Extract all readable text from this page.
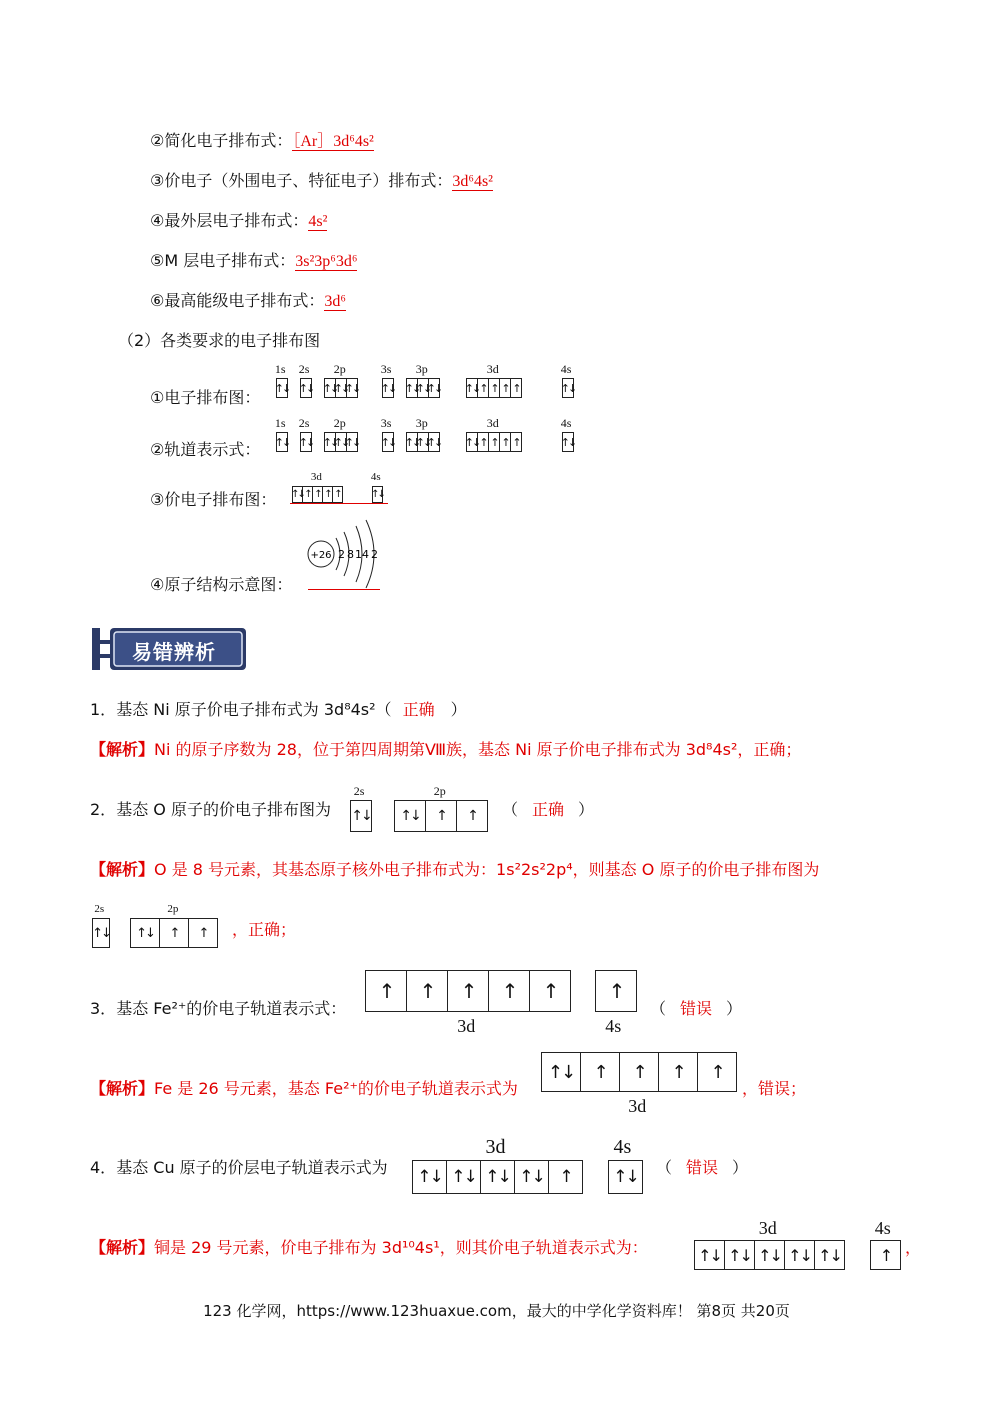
②简化电子排布式：［Ar］3d⁶4s²
③价电子（外围电子、特征电子）排布式：3d⁶4s²
④最外层电子排布式：4s²
⑤M 层电子排布式：3s²3p⁶3d⁶
⑥最高能级电子排布式：3d⁶
（2）各类要求的电子排布图
①电子排布图： ↑↓
1s
↑↓
2s
↑↓
↑↓
↑↓
2p
↑↓
3s
↑↓
↑↓
↑↓
3p
↑↓ ↑ ↑ ↑ ↑
3d
↑↓
4s
②轨道表示式： ↑↓
1s
↑↓
2s
↑↓
↑↓
↑↓
2p
↑↓
3s
↑↓
↑↓
↑↓
3p
↑↓ ↑ ↑ ↑ ↑
3d
↑↓
4s
③价电子排布图： ↑↓ ↑ ↑ ↑ ↑
3d
↑↓
4s
④原子结构示意图：
+26 2 8 14 2
易错辨析
1．基态 Ni 原子价电子排布式为 3d⁸4s²（ 正确 ）
【解析】Ni 的原子序数为 28，位于第四周期第Ⅷ族，基态 Ni 原子价电子排布式为 3d⁸4s²，正确；
2．基态 O 原子的价电子排布图为 ↑↓
2s
↑↓	↑	↑
2p
（ 正确 ）
【解析】O 是 8 号元素，其基态原子核外电子排布式为：1s²2s²2p⁴，则基态 O 原子的价电子排布图为
↑↓
2s
↑↓	↑	↑
2p
，正确；
3．基态 Fe²⁺的价电子轨道表示式：
↑	↑	↑	↑	↑
3d
↑
4s
（ 错误 ）
【解析】Fe 是 26 号元素，基态 Fe²⁺的价电子轨道表示式为
↑↓	↑	↑	↑	↑
3d
，错误；
4．基态 Cu 原子的价层电子轨道表示式为	↑↓ ↑↓ ↑↓ ↑↓ ↑
3d
↑↓
4s
（ 错误 ）
【解析】铜是 29 号元素，价电子排布为 3d¹⁰4s¹，则其价电子轨道表示式为：	↑↓ ↑↓ ↑↓ ↑↓ ↑↓
3d
↑
4s
，
123 化学网，https://www.123huaxue.com，最大的中学化学资料库！ 第8页 共20页
